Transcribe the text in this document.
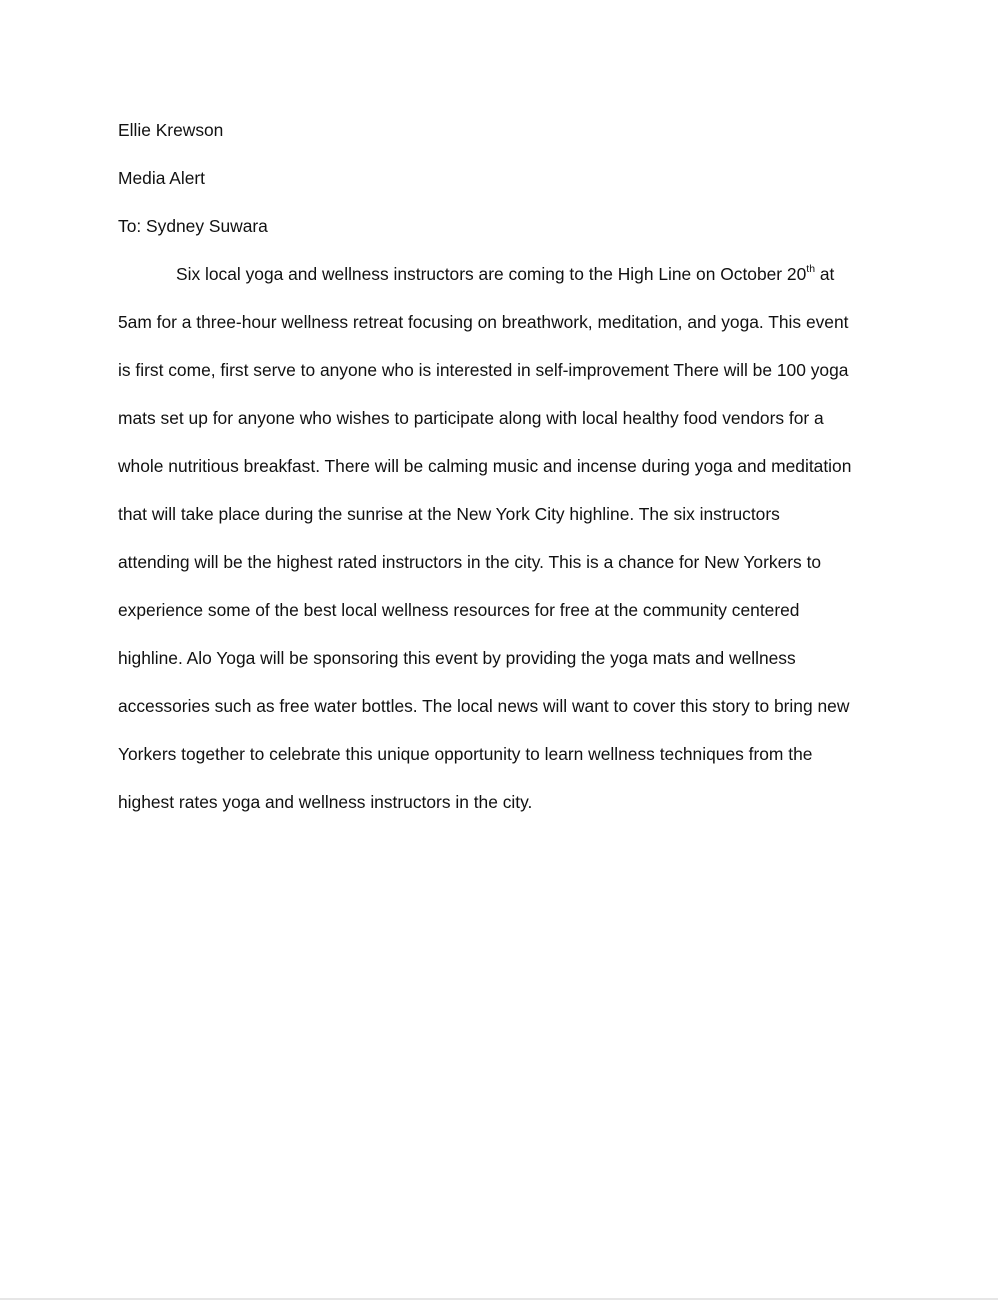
Ellie Krewson
Media Alert
To: Sydney Suwara
Six local yoga and wellness instructors are coming to the High Line on October 20th at
5am for a three-hour wellness retreat focusing on breathwork, meditation, and yoga. This event
is first come, first serve to anyone who is interested in self-improvement There will be 100 yoga
mats set up for anyone who wishes to participate along with local healthy food vendors for a
whole nutritious breakfast. There will be calming music and incense during yoga and meditation
that will take place during the sunrise at the New York City highline. The six instructors
attending will be the highest rated instructors in the city. This is a chance for New Yorkers to
experience some of the best local wellness resources for free at the community centered
highline. Alo Yoga will be sponsoring this event by providing the yoga mats and wellness
accessories such as free water bottles. The local news will want to cover this story to bring new
Yorkers together to celebrate this unique opportunity to learn wellness techniques from the
highest rates yoga and wellness instructors in the city.
